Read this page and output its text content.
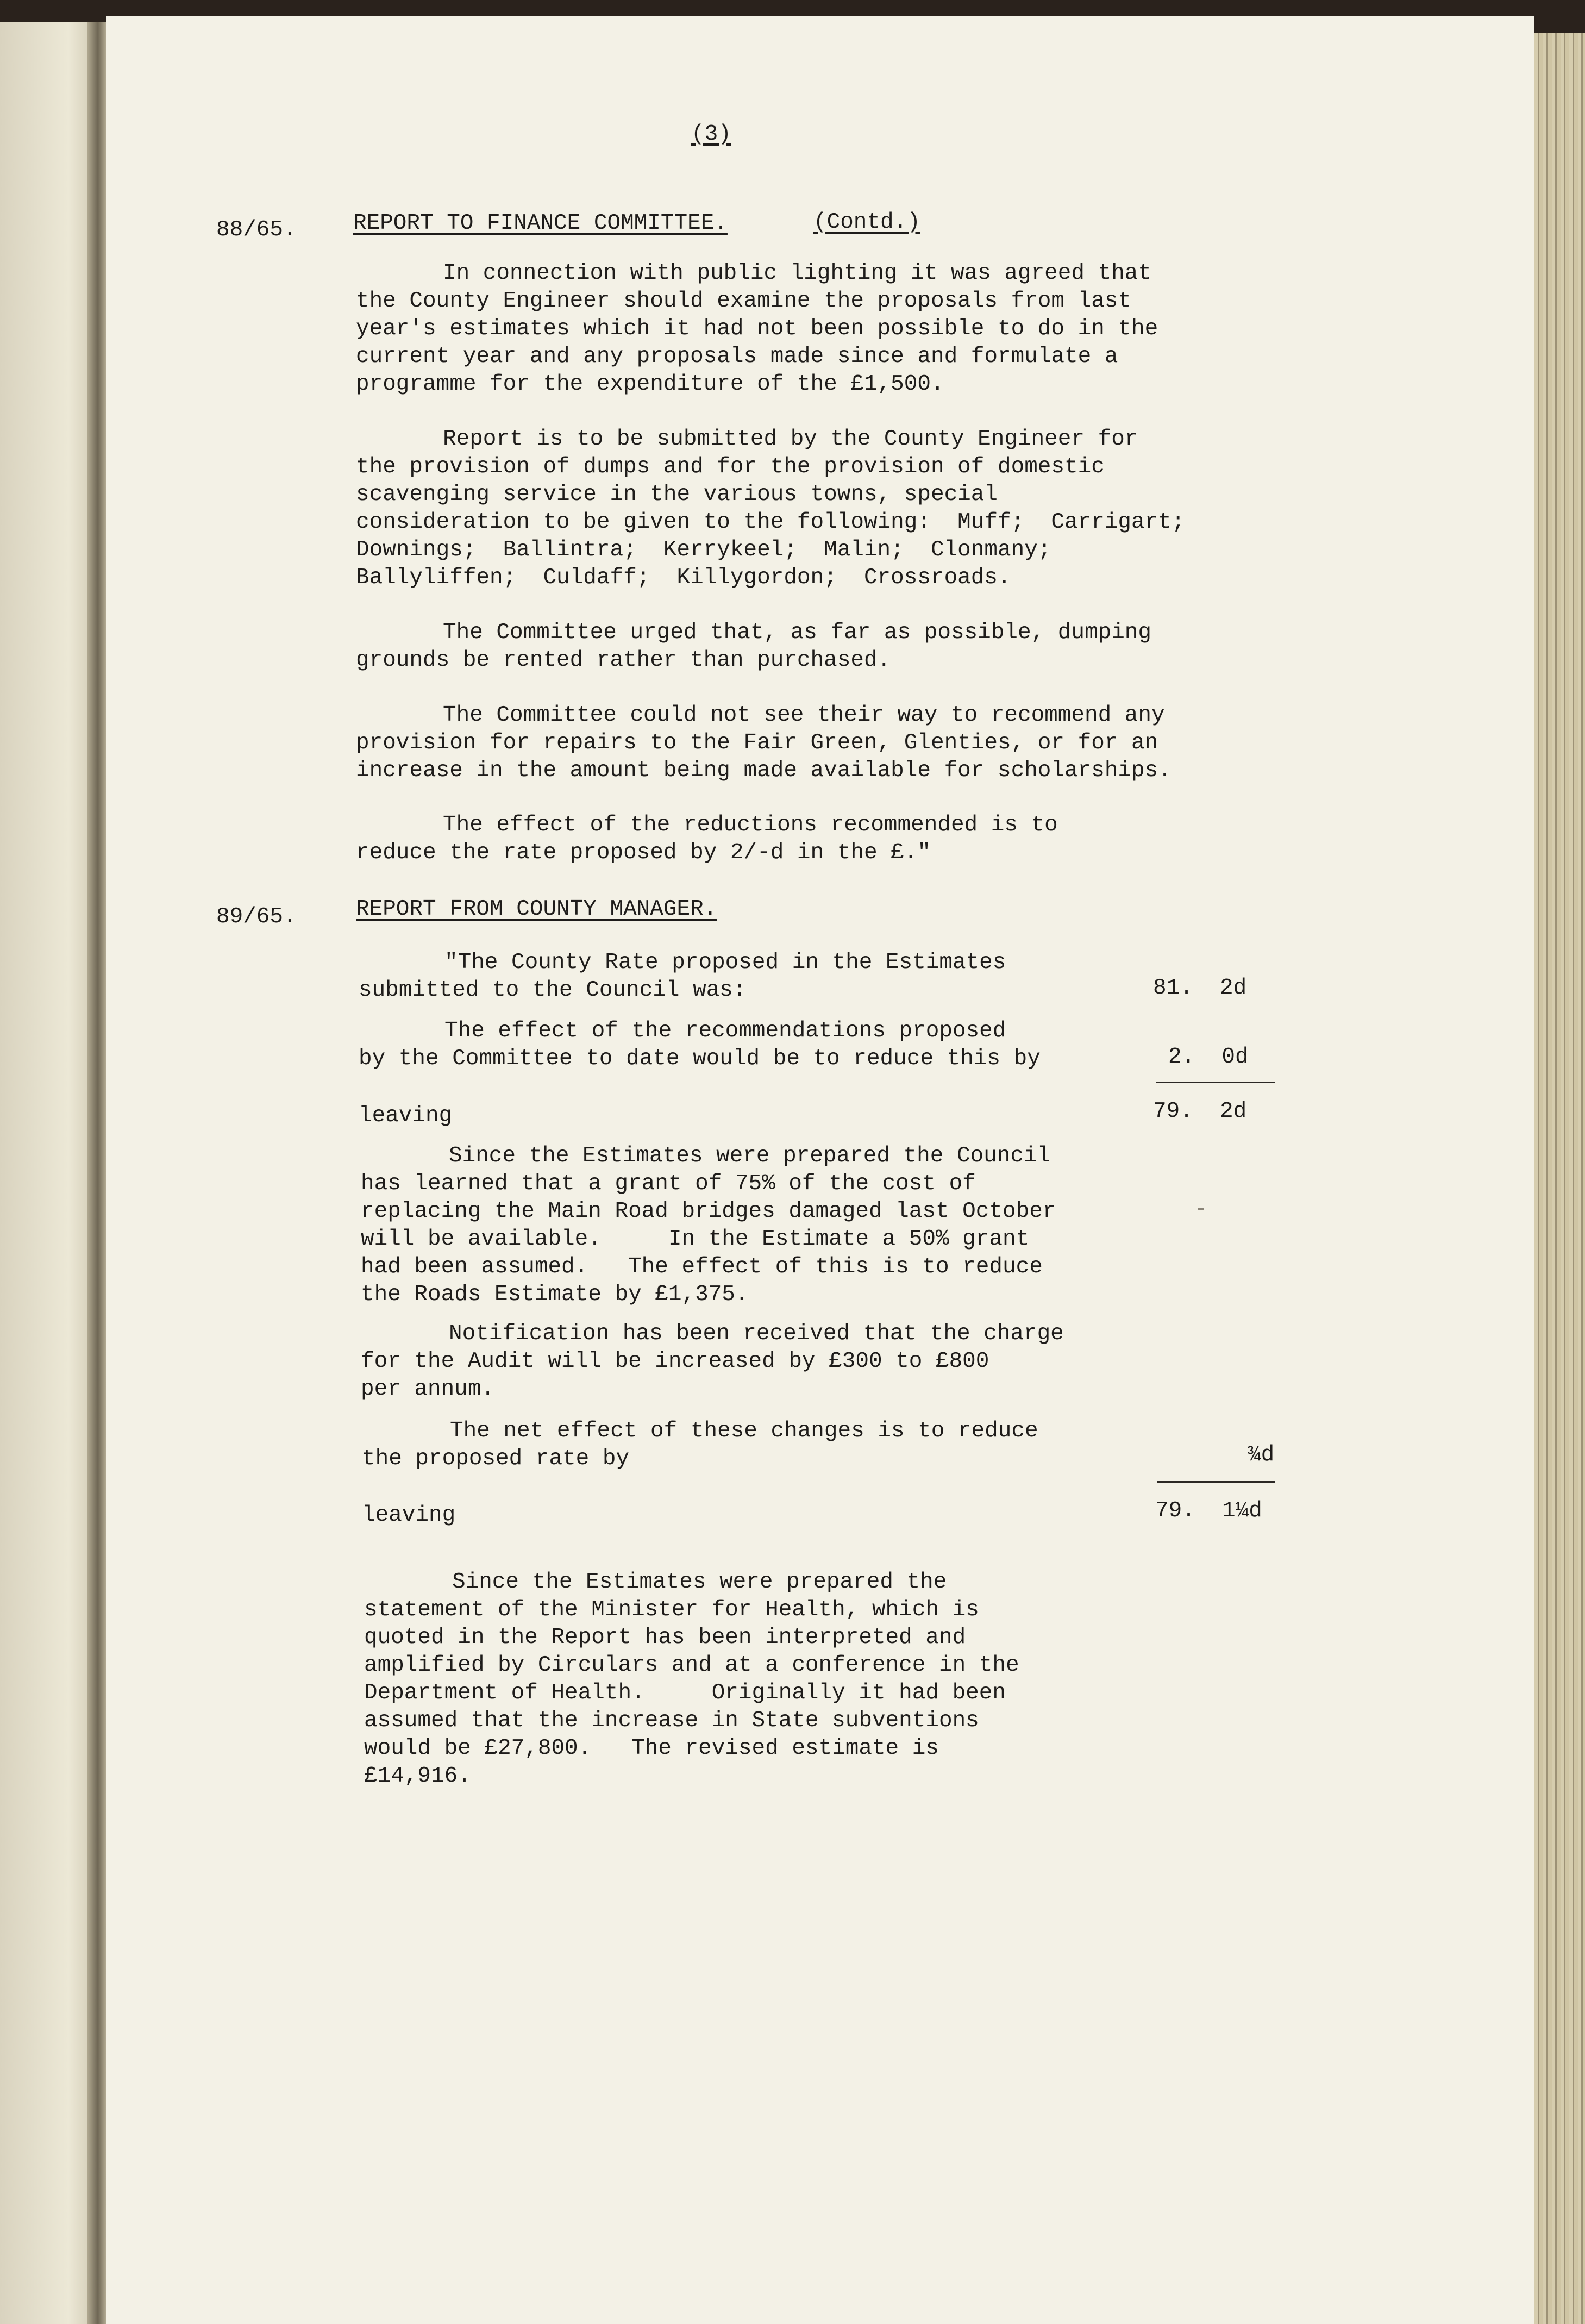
(3)
88/65.	REPORT TO FINANCE COMMITTEE.	(Contd.)
In connection with public lighting it was agreed that
the County Engineer should examine the proposals from last
year's estimates which it had not been possible to do in the
current year and any proposals made since and formulate a
programme for the expenditure of the £1,500.
Report is to be submitted by the County Engineer for
the provision of dumps and for the provision of domestic
scavenging service in the various towns, special
consideration to be given to the following:  Muff;  Carrigart;
Downings;  Ballintra;  Kerrykeel;  Malin;  Clonmany;
Ballyliffen;  Culdaff;  Killygordon;  Crossroads.
The Committee urged that, as far as possible, dumping
grounds be rented rather than purchased.
The Committee could not see their way to recommend any
provision for repairs to the Fair Green, Glenties, or for an
increase in the amount being made available for scholarships.
The effect of the reductions recommended is to
reduce the rate proposed by 2/-d in the £."
89/65.	REPORT FROM COUNTY MANAGER.
"The County Rate proposed in the Estimates
submitted to the Council was:	81.  2d
The effect of the recommendations proposed
by the Committee to date would be to reduce this by	2.  0d
leaving	79.  2d
Since the Estimates were prepared the Council
has learned that a grant of 75% of the cost of
replacing the Main Road bridges damaged last October
will be available.     In the Estimate a 50% grant
had been assumed.   The effect of this is to reduce
the Roads Estimate by £1,375.
Notification has been received that the charge
for the Audit will be increased by £300 to £800
per annum.
The net effect of these changes is to reduce
the proposed rate by	¾d
leaving	79.  1¼d
Since the Estimates were prepared the
statement of the Minister for Health, which is
quoted in the Report has been interpreted and
amplified by Circulars and at a conference in the
Department of Health.     Originally it had been
assumed that the increase in State subventions
would be £27,800.   The revised estimate is
£14,916.
